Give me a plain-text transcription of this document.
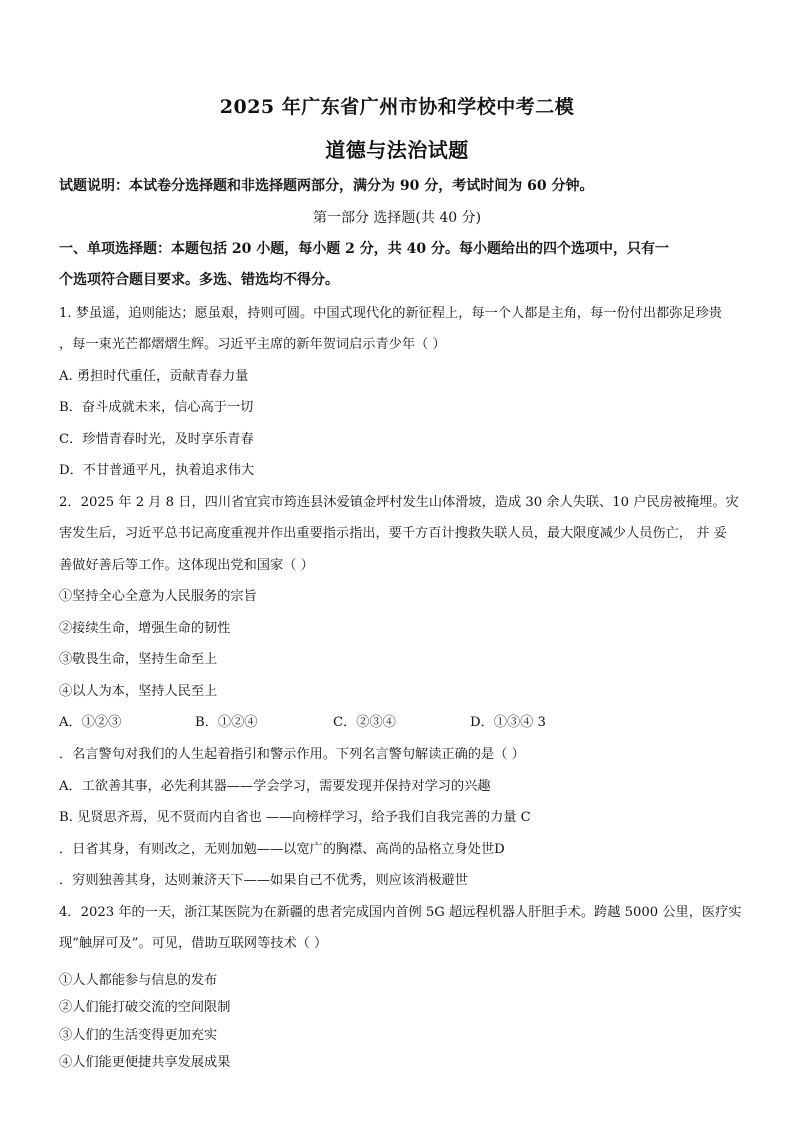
2025 年广东省广州市协和学校中考二模
道德与法治试题
试题说明：本试卷分选择题和非选择题两部分，满分为 90 分，考试时间为 60 分钟。
第一部分 选择题(共 40 分)
一、单项选择题：本题包括 20 小题，每小题 2 分，共 40 分。每小题给出的四个选项中，只有一
个选项符合题目要求。多选、错选均不得分。
1. 梦虽遥，追则能达；愿虽艰，持则可圆。中国式现代化的新征程上，每一个人都是主角，每一份付出都弥足珍贵
，每一束光芒都熠熠生辉。习近平主席的新年贺词启示青少年（ ）
A. 勇担时代重任，贡献青春力量
B．奋斗成就未来，信心高于一切
C．珍惜青春时光，及时享乐青春
D．不甘普通平凡，执着追求伟大
2．2025 年 2 月 8 日，四川省宜宾市筠连县沐爱镇金坪村发生山体滑坡，造成 30 余人失联、10 户民房被掩埋。灾
害发生后，习近平总书记高度重视并作出重要指示指出，要千方百计搜救失联人员，最大限度减少人员伤亡， 并 妥
善做好善后等工作。这体现出党和国家（ ）
①坚持全心全意为人民服务的宗旨
②接续生命，增强生命的韧性
③敬畏生命，坚持生命至上
④以人为本，坚持人民至上
A．①②③	B．①②④	C．②③④	D．①③④ 3
．名言警句对我们的人生起着指引和警示作用。下列名言警句解读正确的是（ ）
A．工欲善其事，必先利其器——学会学习，需要发现并保持对学习的兴趣
B. 见贤思齐焉，见不贤而内自省也 ——向榜样学习，给予我们自我完善的力量 C
．日省其身，有则改之，无则加勉——以宽广的胸襟、高尚的品格立身处世D
．穷则独善其身，达则兼济天下——如果自己不优秀，则应该消极避世
4．2023 年的一天，浙江某医院为在新疆的患者完成国内首例 5G 超远程机器人肝胆手术。跨越 5000 公里，医疗实
现“触屏可及”。可见，借助互联网等技术（ ）
①人人都能参与信息的发布
②人们能打破交流的空间限制
③人们的生活变得更加充实
④人们能更便捷共享发展成果
